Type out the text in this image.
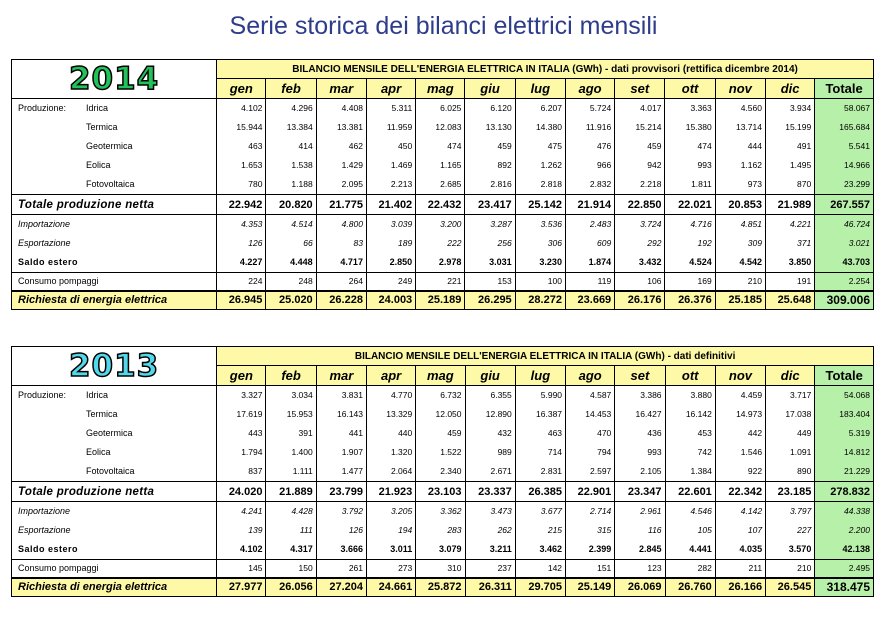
Serie storica dei bilanci elettrici mensili
2014	BILANCIO MENSILE DELL'ENERGIA ELETTRICA IN ITALIA (GWh) - dati provvisori (rettifica dicembre 2014)												
	gen	feb	mar	apr	mag	giu	lug	ago	set	ott	nov	dic	Totale
Produzione: Idrica	4.102	4.296	4.408	5.311	6.025	6.120	6.207	5.724	4.017	3.363	4.560	3.934	58.067
Termica	15.944	13.384	13.381	11.959	12.083	13.130	14.380	11.916	15.214	15.380	13.714	15.199	165.684
Geotermica	463	414	462	450	474	459	475	476	459	474	444	491	5.541
Eolica	1.653	1.538	1.429	1.469	1.165	892	1.262	966	942	993	1.162	1.495	14.966
Fotovoltaica	780	1.188	2.095	2.213	2.685	2.816	2.818	2.832	2.218	1.811	973	870	23.299
Totale produzione netta	22.942	20.820	21.775	21.402	22.432	23.417	25.142	21.914	22.850	22.021	20.853	21.989	267.557
Importazione	4.353	4.514	4.800	3.039	3.200	3.287	3.536	2.483	3.724	4.716	4.851	4.221	46.724
Esportazione	126	66	83	189	222	256	306	609	292	192	309	371	3.021
Saldo estero	4.227	4.448	4.717	2.850	2.978	3.031	3.230	1.874	3.432	4.524	4.542	3.850	43.703
Consumo pompaggi	224	248	264	249	221	153	100	119	106	169	210	191	2.254
Richiesta di energia elettrica	26.945	25.020	26.228	24.003	25.189	26.295	28.272	23.669	26.176	26.376	25.185	25.648	309.006
2013	BILANCIO MENSILE DELL'ENERGIA ELETTRICA IN ITALIA (GWh) - dati definitivi												
	gen	feb	mar	apr	mag	giu	lug	ago	set	ott	nov	dic	Totale
Produzione: Idrica	3.327	3.034	3.831	4.770	6.732	6.355	5.990	4.587	3.386	3.880	4.459	3.717	54.068
Termica	17.619	15.953	16.143	13.329	12.050	12.890	16.387	14.453	16.427	16.142	14.973	17.038	183.404
Geotermica	443	391	441	440	459	432	463	470	436	453	442	449	5.319
Eolica	1.794	1.400	1.907	1.320	1.522	989	714	794	993	742	1.546	1.091	14.812
Fotovoltaica	837	1.111	1.477	2.064	2.340	2.671	2.831	2.597	2.105	1.384	922	890	21.229
Totale produzione netta	24.020	21.889	23.799	21.923	23.103	23.337	26.385	22.901	23.347	22.601	22.342	23.185	278.832
Importazione	4.241	4.428	3.792	3.205	3.362	3.473	3.677	2.714	2.961	4.546	4.142	3.797	44.338
Esportazione	139	111	126	194	283	262	215	315	116	105	107	227	2.200
Saldo estero	4.102	4.317	3.666	3.011	3.079	3.211	3.462	2.399	2.845	4.441	4.035	3.570	42.138
Consumo pompaggi	145	150	261	273	310	237	142	151	123	282	211	210	2.495
Richiesta di energia elettrica	27.977	26.056	27.204	24.661	25.872	26.311	29.705	25.149	26.069	26.760	26.166	26.545	318.475
